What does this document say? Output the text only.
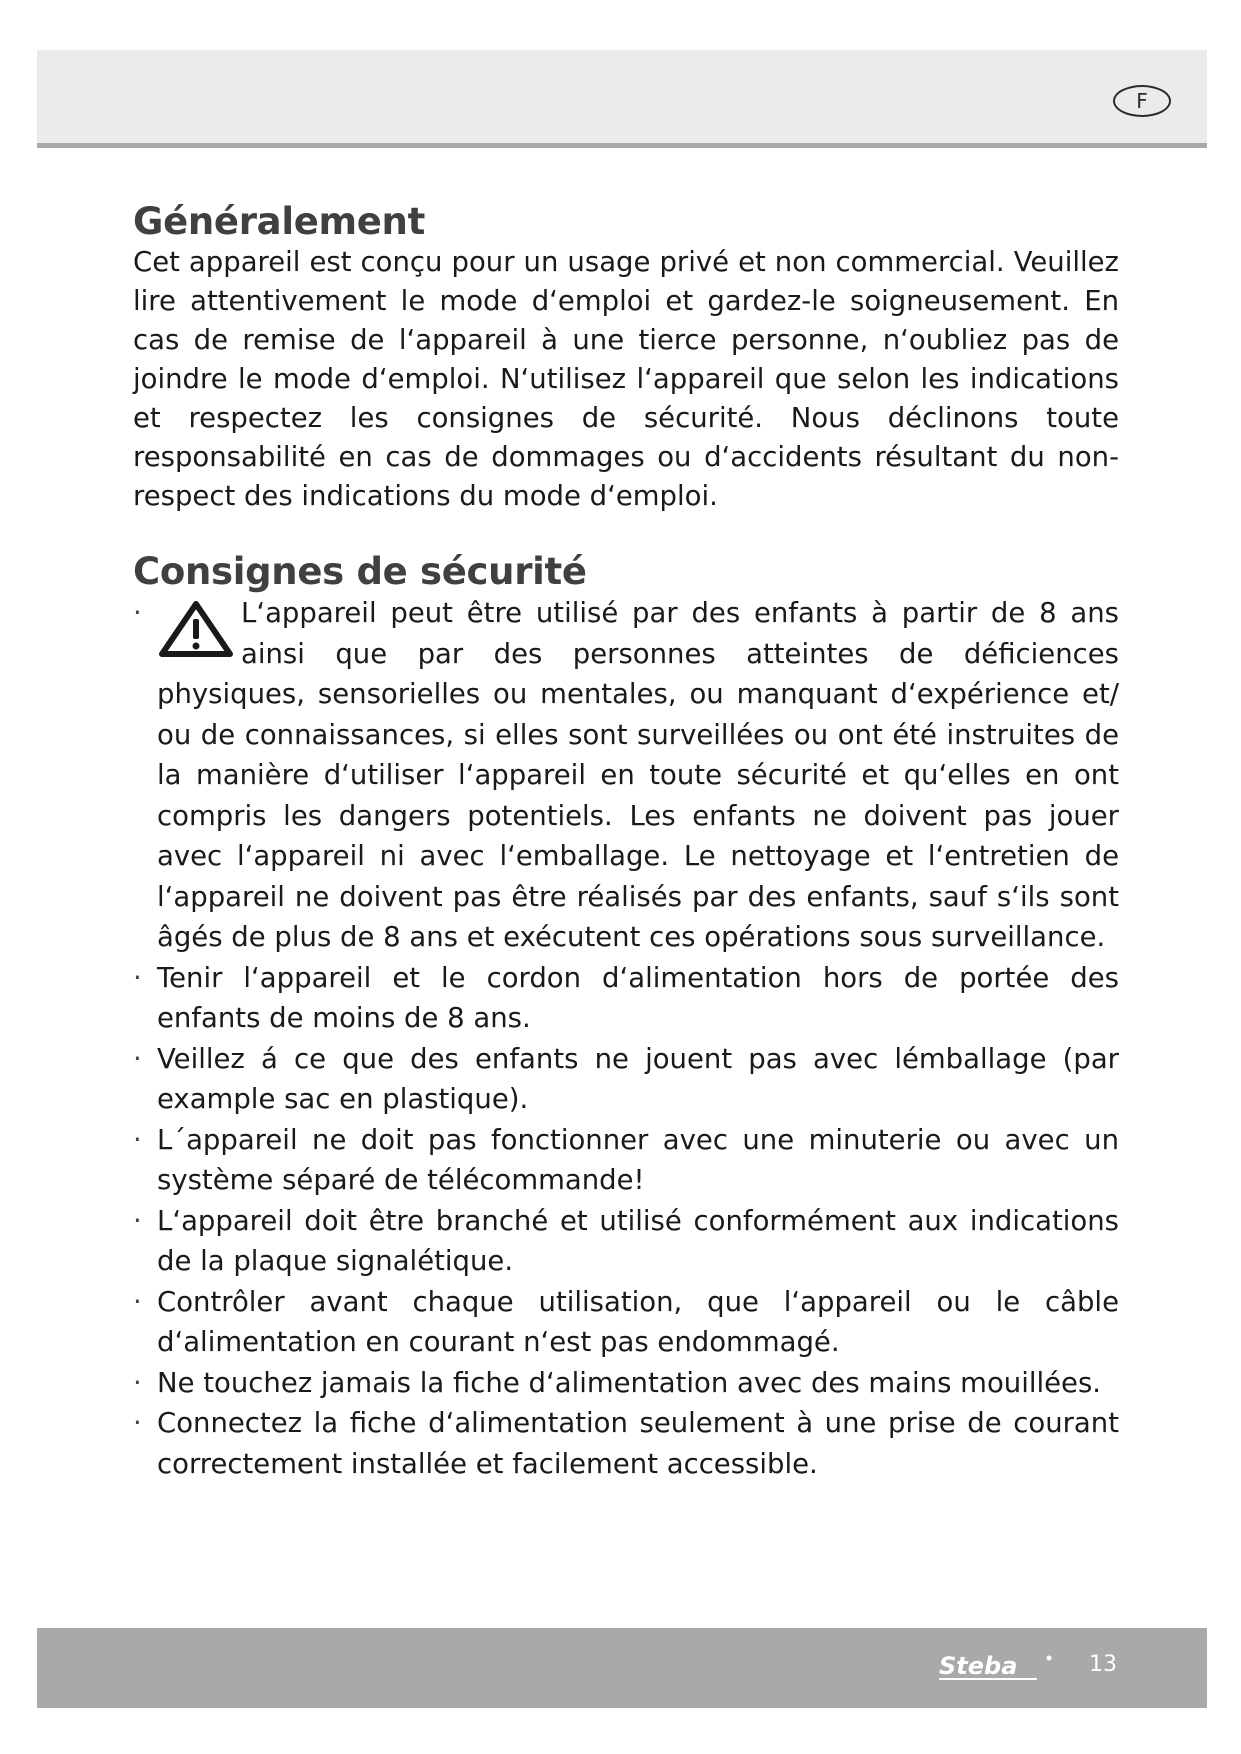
F
Généralement

Cet appareil est conçu pour un usage privé et non commercial. Veuillez lire attentivement le mode d‘emploi et gardez-le soigneusement. En cas de remise de l‘appareil à une tierce personne, n‘oubliez pas de joindre le mode d‘emploi. N‘utilisez l‘appareil que selon les indications et respectez les consignes de sécurité. Nous déclinons toute responsabilité en cas de dommages ou d‘accidents résultant du non-respect des indications du mode d‘emploi.

Consignes de sécurité
·	L‘appareil peut être utilisé par des enfants à partir de 8 ans ainsi que par des personnes atteintes de déficiences physiques, sensorielles ou mentales, ou manquant d‘expérience et/ ou de connaissances, si elles sont surveillées ou ont été instruites de la manière d‘utiliser l‘appareil en toute sécurité et qu‘elles en ont compris les dangers potentiels. Les enfants ne doivent pas jouer avec l‘appareil ni avec l‘emballage. Le nettoyage et l‘entretien de l‘appareil ne doivent pas être réalisés par des enfants, sauf s‘ils sont âgés de plus de 8 ans et exécutent ces opérations sous surveillance.
· Tenir l‘appareil et le cordon d‘alimentation hors de portée des enfants de moins de 8 ans.
· Veillez á ce que des enfants ne jouent pas avec lémballage (par example sac en plastique).
· L´appareil ne doit pas fonctionner avec une minuterie ou avec un système séparé de télécommande!
· L‘appareil doit être branché et utilisé conformément aux indications de la plaque signalétique.
· Contrôler avant chaque utilisation, que l‘appareil ou le câble d‘alimentation en courant n‘est pas endommagé.
· Ne touchez jamais la fiche d‘alimentation avec des mains mouillées.
· Connectez la fiche d‘alimentation seulement à une prise de courant correctement installée et facilement accessible.
Steba	13
